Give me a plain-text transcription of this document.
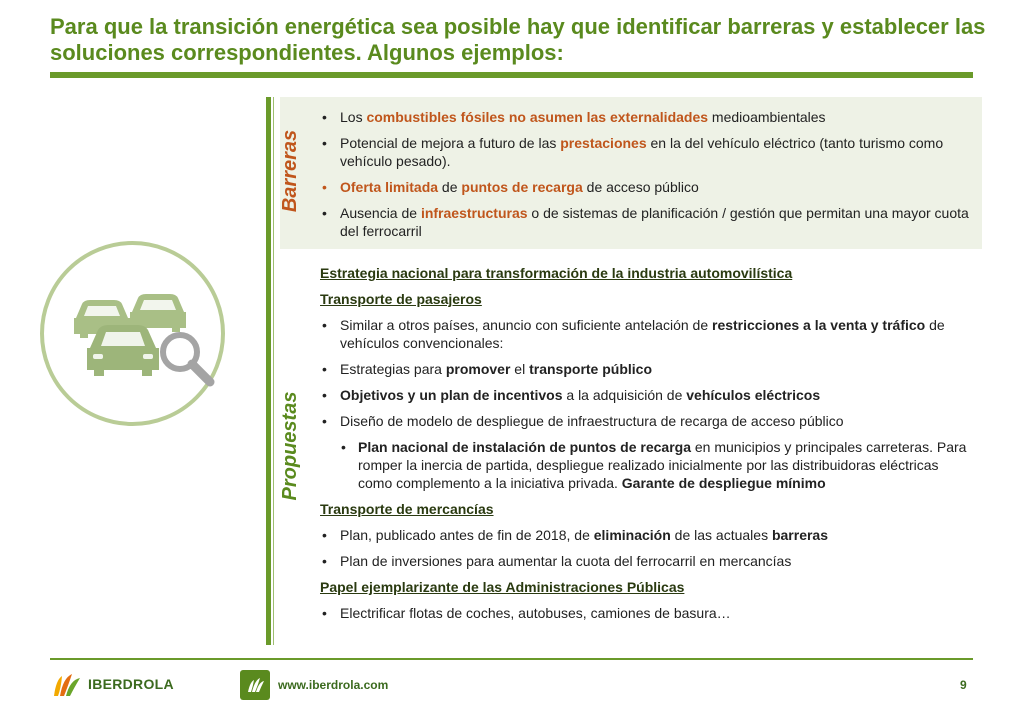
Para que la transición energética sea posible hay que identificar barreras y establecer las soluciones correspondientes. Algunos ejemplos:
Barreras
Propuestas

• Los combustibles fósiles no asumen las externalidades medioambientales

• Potencial de mejora a futuro de las prestaciones en la del vehículo eléctrico (tanto turismo como vehículo pesado).

• Oferta limitada de puntos de recarga de acceso público

• Ausencia de infraestructuras o de sistemas de planificación / gestión que permitan una mayor cuota del ferrocarril

Estrategia nacional para transformación de la industria automovilística

Transporte de pasajeros

• Similar a otros países, anuncio con suficiente antelación de restricciones a la venta y tráfico de vehículos convencionales:

• Estrategias para promover el transporte público

• Objetivos y un plan de incentivos a la adquisición de vehículos eléctricos

• Diseño de modelo de despliegue de infraestructura de recarga de acceso público

• Plan nacional de instalación de puntos de recarga en municipios y principales carreteras. Para romper la inercia de partida, despliegue realizado inicialmente por las distribuidoras eléctricas como complemento a la iniciativa privada. Garante de despliegue mínimo

Transporte de mercancías

• Plan, publicado antes de fin de 2018, de eliminación de las actuales barreras

• Plan de inversiones para aumentar la cuota del ferrocarril en mercancías

Papel ejemplarizante de las Administraciones Públicas

• Electrificar flotas de coches, autobuses, camiones de basura…

IBERDROLA	www.iberdrola.com	9
